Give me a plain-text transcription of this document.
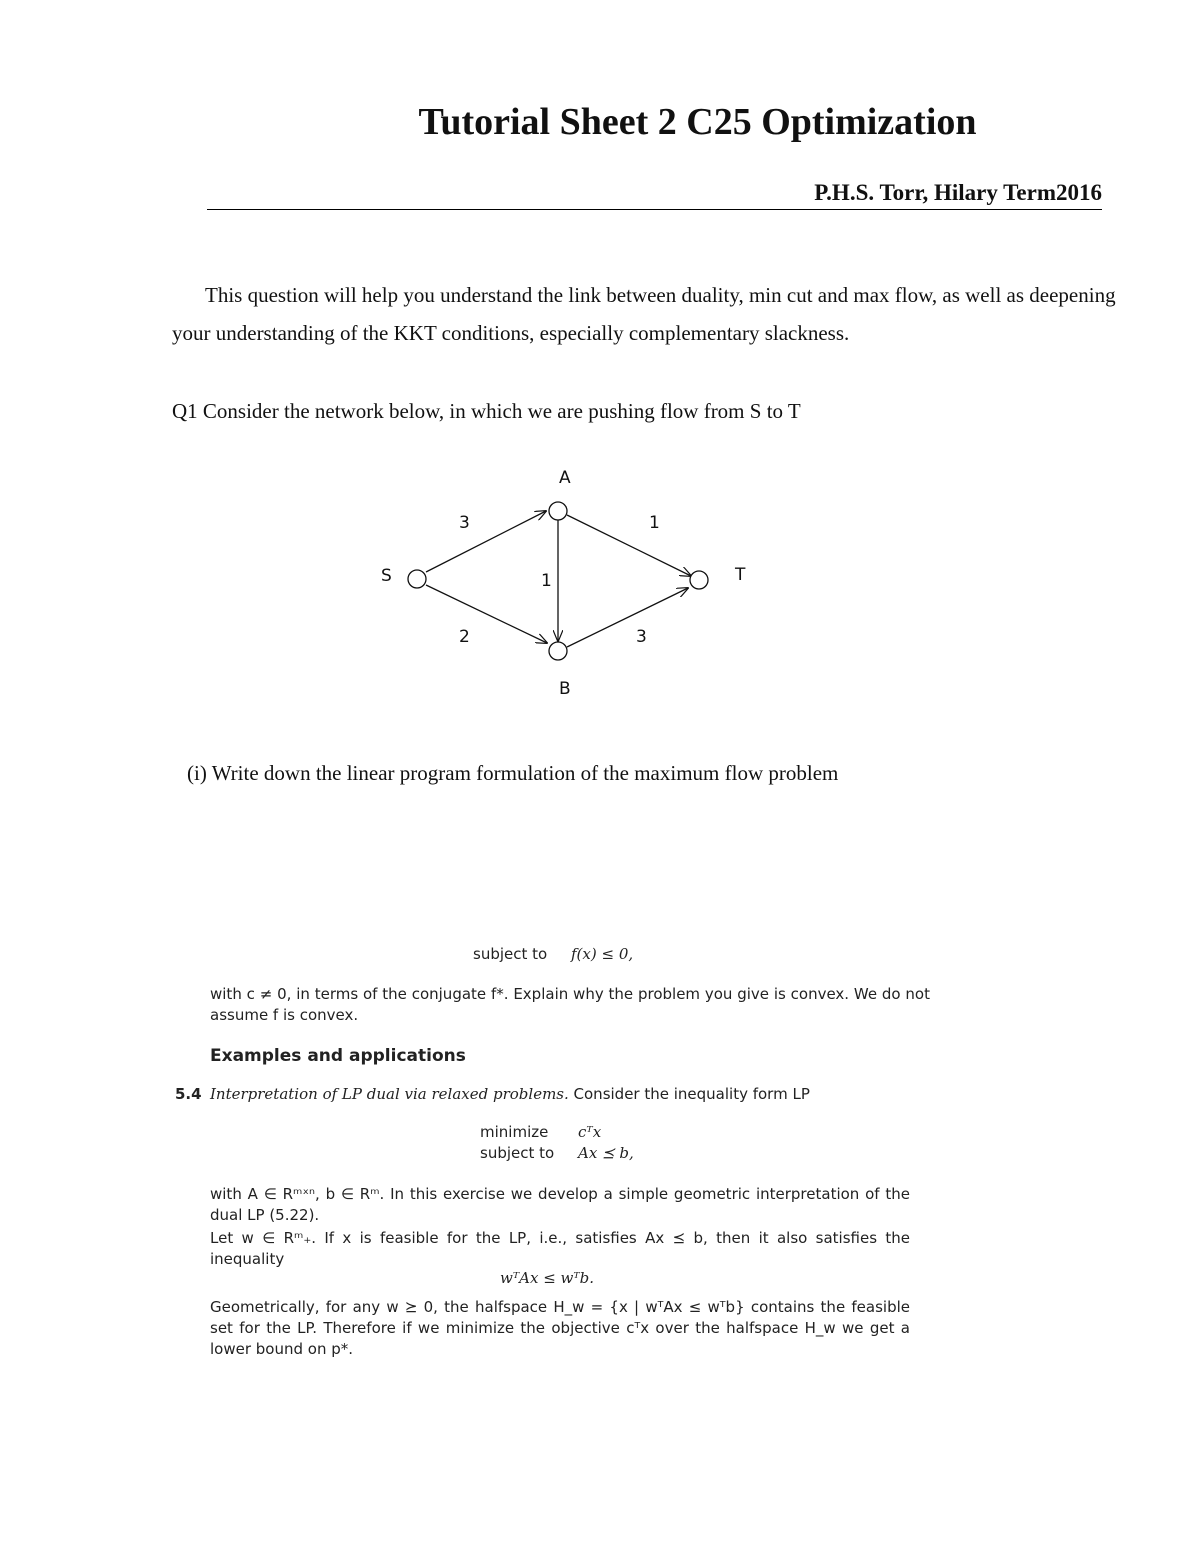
Tutorial Sheet 2 C25 Optimization
P.H.S. Torr, Hilary Term2016
This question will help you understand the link between duality, min cut and max flow, as well as deepening your understanding of the KKT conditions, especially complementary slackness.
Q1 Consider the network below, in which we are pushing flow from S to T
S
A
B
T
3
2
1
1
3
(i) Write down the linear program formulation of the maximum flow problem
subject to	f(x) ≤ 0,
with c ≠ 0, in terms of the conjugate f*. Explain why the problem you give is convex. We do not assume f is convex.
Examples and applications
5.4 Interpretation of LP dual via relaxed problems. Consider the inequality form LP
minimize	cᵀx
subject to	Ax ⪯ b,
with A ∈ Rᵐˣⁿ, b ∈ Rᵐ. In this exercise we develop a simple geometric interpretation of the dual LP (5.22).
Let w ∈ Rᵐ₊. If x is feasible for the LP, i.e., satisfies Ax ⪯ b, then it also satisfies the inequality
wᵀAx ≤ wᵀb.
Geometrically, for any w ⪰ 0, the halfspace H_w = {x | wᵀAx ≤ wᵀb} contains the feasible set for the LP. Therefore if we minimize the objective cᵀx over the halfspace H_w we get a lower bound on p*.
